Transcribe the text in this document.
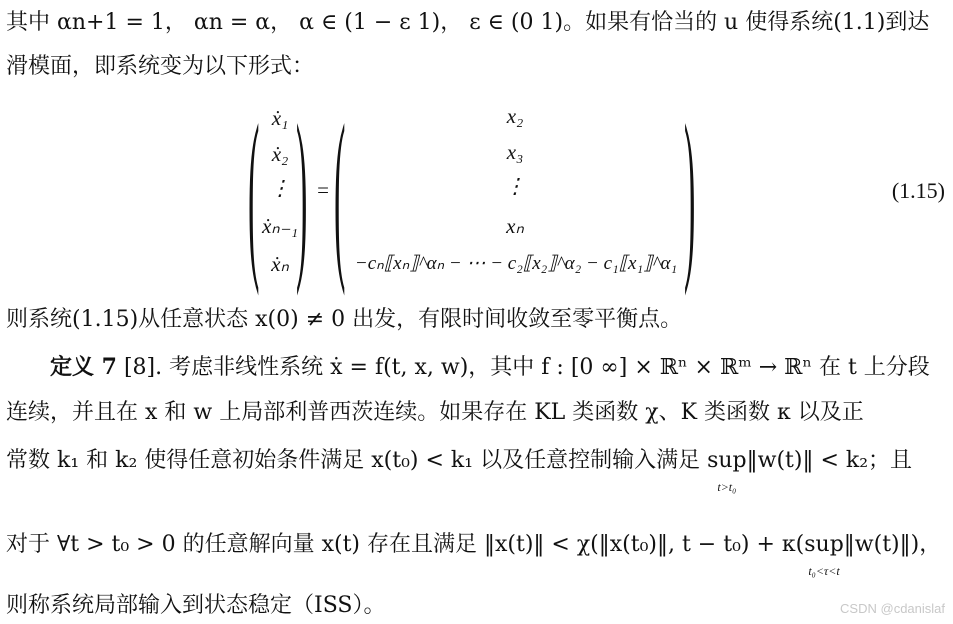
其中 αn+1 = 1， αn = α， α ∈ (1 − ε 1)， ε ∈ (0 1)。如果有恰当的 u 使得系统(1.1)到达
滑模面，即系统变为以下形式：
( )
ẋ₁
ẋ₂
⋮
ẋₙ₋₁
ẋₙ
= ( )
x₂
x₃
⋮
xₙ
−cₙ⟦xₙ⟧^αₙ − ⋯ − c₂⟦x₂⟧^α₂ − c₁⟦x₁⟧^α₁
(1.15)
则系统(1.15)从任意状态 x(0) ≠ 0 出发，有限时间收敛至零平衡点。
定义 7 [8]. 考虑非线性系统 ẋ = f(t, x, w)，其中 f : [0 ∞] × ℝⁿ × ℝᵐ → ℝⁿ 在 t 上分段
连续，并且在 x 和 w 上局部利普西茨连续。如果存在 KL 类函数 χ、K 类函数 κ 以及正
常数 k₁ 和 k₂ 使得任意初始条件满足 x(t₀) < k₁ 以及任意控制输入满足 sup
t>t₀
‖w(t)‖ < k₂；且
对于 ∀t > t₀ > 0 的任意解向量 x(t) 存在且满足 ‖x(t)‖ < χ(‖x(t₀)‖, t − t₀) + κ(sup
t₀<τ<t
‖w(t)‖)，
则称系统局部输入到状态稳定（ISS）。	CSDN @cdanislaf
